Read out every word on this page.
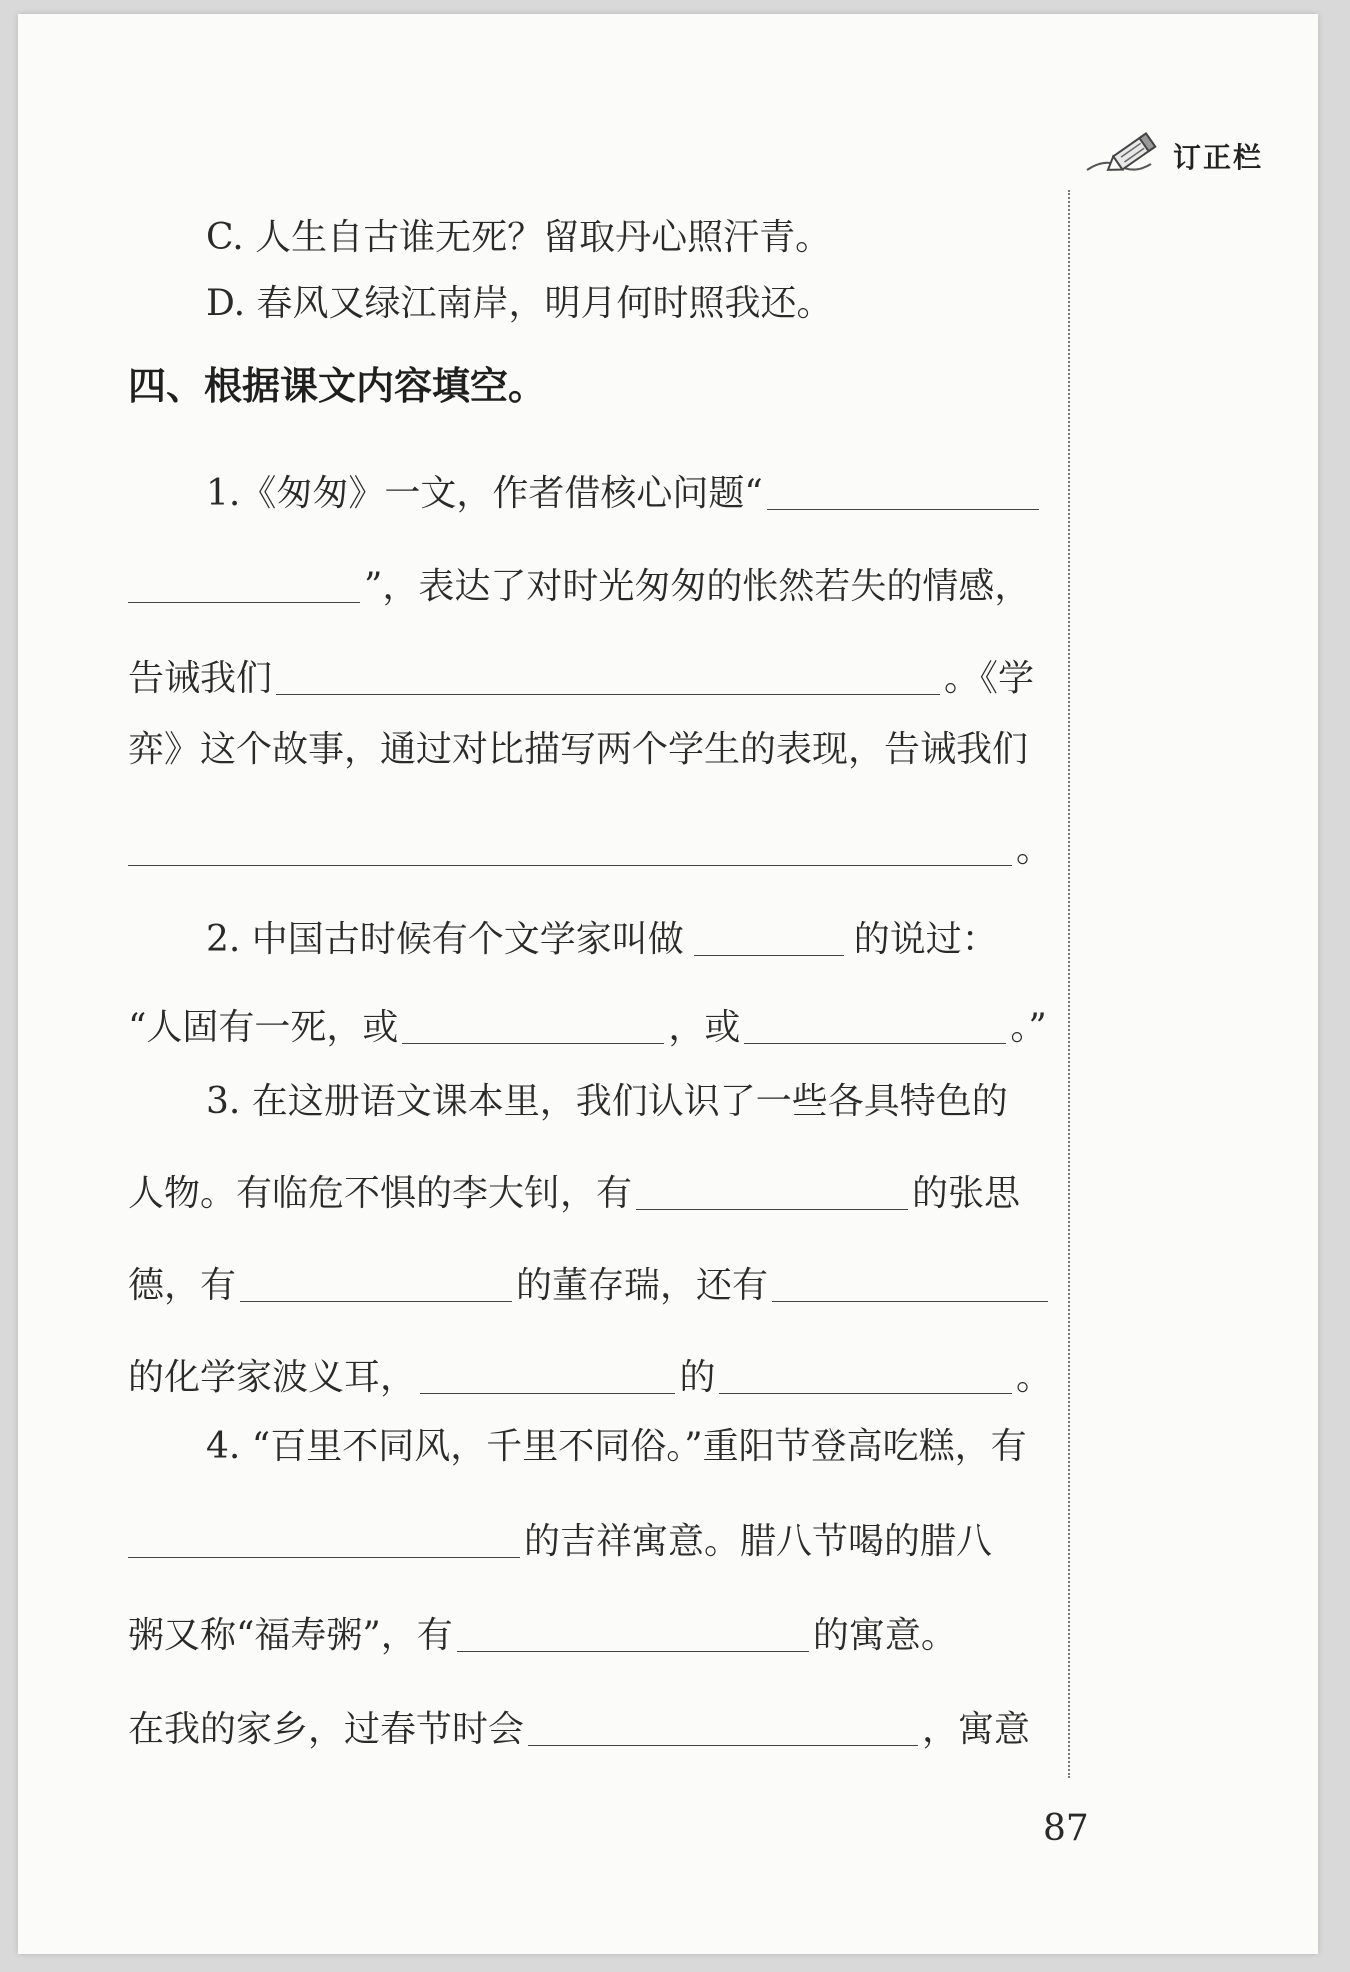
订正栏
C. 人生自古谁无死？留取丹心照汗青。
D. 春风又绿江南岸，明月何时照我还。
四、根据课文内容填空。
1.《匆匆》一文，作者借核心问题“
”，表达了对时光匆匆的怅然若失的情感，
告诫我们	。《学
弈》这个故事，通过对比描写两个学生的表现，告诫我们
。
2. 中国古时候有个文学家叫做	的说过：
“人固有一死，或	，或	。”
3. 在这册语文课本里，我们认识了一些各具特色的
人物。有临危不惧的李大钊，有	的张思
德，有	的董存瑞，还有
的化学家波义耳，	的	。
4. “百里不同风，千里不同俗。”重阳节登高吃糕，有
的吉祥寓意。腊八节喝的腊八
粥又称“福寿粥”，有	的寓意。
在我的家乡，过春节时会	，寓意
87
